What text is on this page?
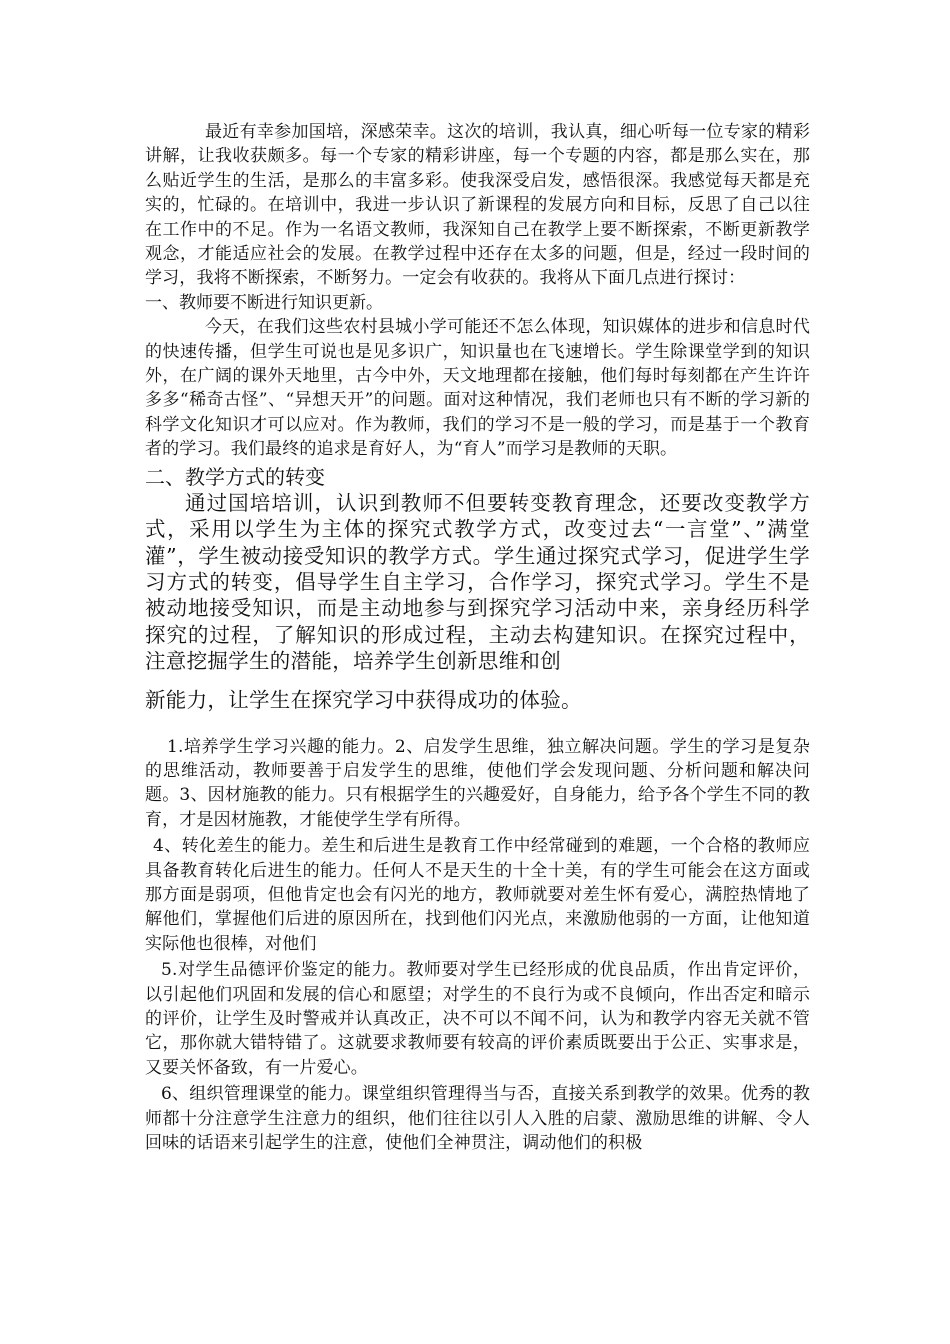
最近有幸参加国培，深感荣幸。这次的培训，我认真，细心听每一位专家的精彩讲解，让我收获颇多。每一个专家的精彩讲座，每一个专题的内容，都是那么实在，那么贴近学生的生活，是那么的丰富多彩。使我深受启发，感悟很深。我感觉每天都是充实的，忙碌的。在培训中，我进一步认识了新课程的发展方向和目标，反思了自己以往在工作中的不足。作为一名语文教师，我深知自己在教学上要不断探索，不断更新教学观念，才能适应社会的发展。在教学过程中还存在太多的问题，但是，经过一段时间的学习，我将不断探索，不断努力。一定会有收获的。我将从下面几点进行探讨：

一、教师要不断进行知识更新。

今天，在我们这些农村县城小学可能还不怎么体现，知识媒体的进步和信息时代的快速传播，但学生可说也是见多识广，知识量也在飞速增长。学生除课堂学到的知识外，在广阔的课外天地里，古今中外，天文地理都在接触，他们每时每刻都在产生许许多多“稀奇古怪”、“异想天开”的问题。面对这种情况，我们老师也只有不断的学习新的科学文化知识才可以应对。作为教师，我们的学习不是一般的学习，而是基于一个教育者的学习。我们最终的追求是育好人，为“育人”而学习是教师的天职。

二、教学方式的转变

通过国培培训，认识到教师不但要转变教育理念，还要改变教学方式，采用以学生为主体的探究式教学方式，改变过去“一言堂”、”满堂灌”，学生被动接受知识的教学方式。学生通过探究式学习，促进学生学习方式的转变，倡导学生自主学习，合作学习，探究式学习。学生不是被动地接受知识，而是主动地参与到探究学习活动中来，亲身经历科学探究的过程，了解知识的形成过程，主动去构建知识。在探究过程中，注意挖掘学生的潜能，培养学生创新思维和创

新能力，让学生在探究学习中获得成功的体验。

1.培养学生学习兴趣的能力。2、启发学生思维，独立解决问题。学生的学习是复杂的思维活动，教师要善于启发学生的思维，使他们学会发现问题、分析问题和解决问题。3、因材施教的能力。只有根据学生的兴趣爱好，自身能力，给予各个学生不同的教育，才是因材施教，才能使学生学有所得。

4、转化差生的能力。差生和后进生是教育工作中经常碰到的难题，一个合格的教师应具备教育转化后进生的能力。任何人不是天生的十全十美，有的学生可能会在这方面或那方面是弱项，但他肯定也会有闪光的地方，教师就要对差生怀有爱心，满腔热情地了解他们，掌握他们后进的原因所在，找到他们闪光点，来激励他弱的一方面，让他知道实际他也很棒，对他们

5.对学生品德评价鉴定的能力。教师要对学生已经形成的优良品质，作出肯定评价，以引起他们巩固和发展的信心和愿望；对学生的不良行为或不良倾向，作出否定和暗示的评价，让学生及时警戒并认真改正，决不可以不闻不问，认为和教学内容无关就不管它，那你就大错特错了。这就要求教师要有较高的评价素质既要出于公正、实事求是，又要关怀备致，有一片爱心。

6、组织管理课堂的能力。课堂组织管理得当与否，直接关系到教学的效果。优秀的教师都十分注意学生注意力的组织，他们往往以引人入胜的启蒙、激励思维的讲解、令人回味的话语来引起学生的注意，使他们全神贯注，调动他们的积极
